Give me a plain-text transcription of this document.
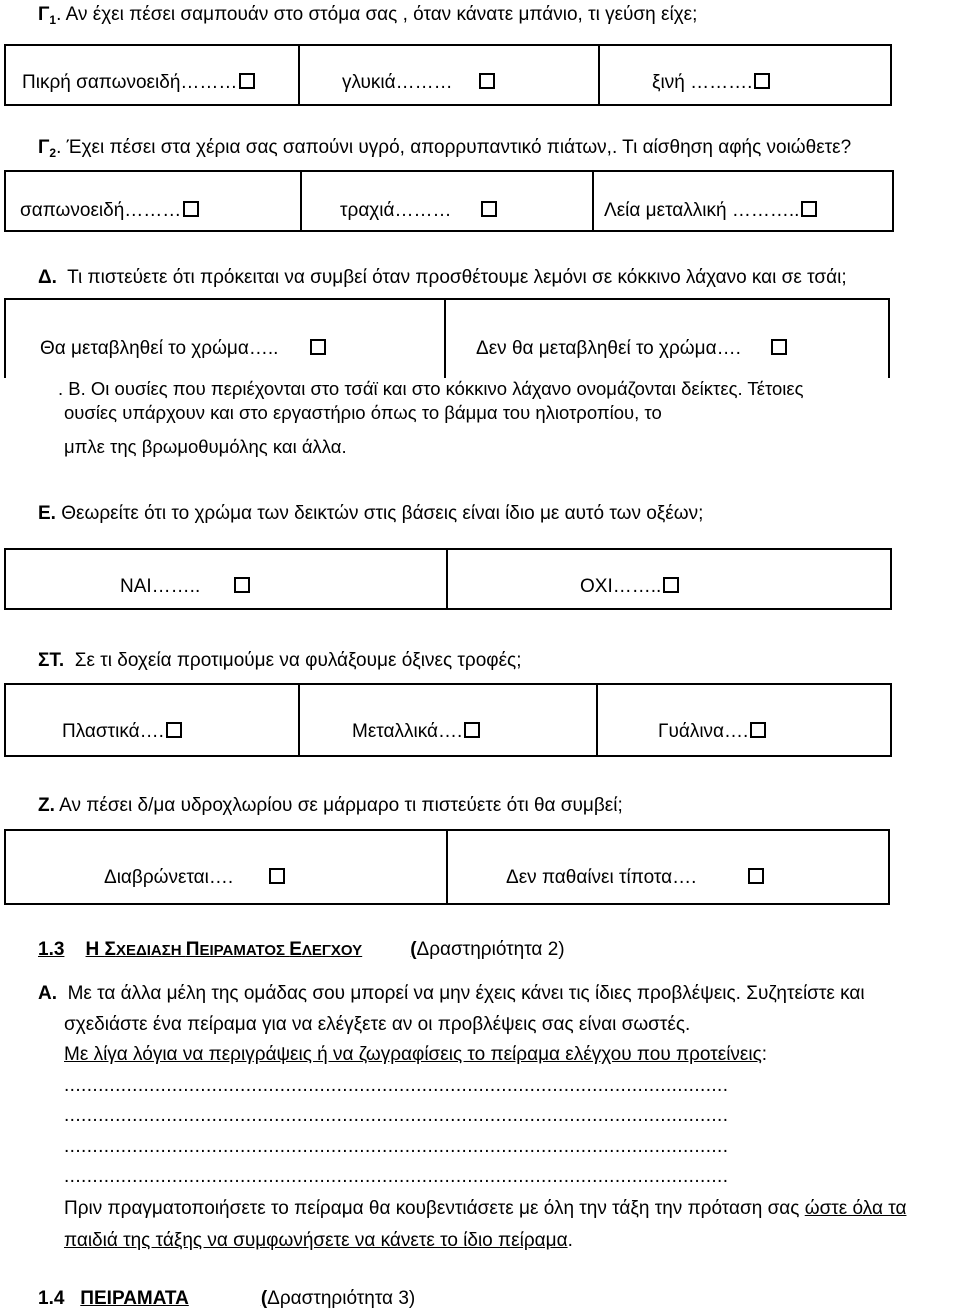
$\Gamma_1$. Αν έχει πέσει σαμπουάν στο στόμα σας , όταν κάνατε μπάνιο, τι γεύση είχε;
Πικρή σαπωνοειδή………	γλυκιά………	ξινή ……….
$\Gamma_2$. Έχει πέσει στα χέρια σας σαπούνι υγρό, απορρυπαντικό πιάτων,. Τι αίσθηση αφής νοιώθετε?
σαπωνοειδή………	τραχιά………	Λεία μεταλλική ………..
Δ. Τι πιστεύετε ότι πρόκειται να συμβεί όταν προσθέτουμε λεμόνι σε κόκκινο λάχανο και σε τσάι;
Θα μεταβληθεί το χρώμα…..	Δεν θα μεταβληθεί το χρώμα….
. Β. Οι ουσίες που περιέχονται στο τσάϊ και στο κόκκινο λάχανο ονομάζονται δείκτες. Τέτοιες
ουσίες υπάρχουν και στο εργαστήριο όπως το βάμμα του ηλιοτροπίου, το
μπλε της βρωμοθυμόλης και άλλα.
Ε. Θεωρείτε ότι το χρώμα των δεικτών στις βάσεις είναι ίδιο με αυτό των οξέων;
ΝΑΙ……..	ΟΧΙ……..
ΣΤ. Σε τι δοχεία προτιμούμε να φυλάξουμε όξινες τροφές;
Πλαστικά….	Μεταλλικά….	Γυάλινα….
Ζ. Αν πέσει δ/μα υδροχλωρίου σε μάρμαρο τι πιστεύετε ότι θα συμβεί;
Διαβρώνεται….	Δεν παθαίνει τίποτα….
1.3 Η ΣΧΕΔΙΑΣΗ ΠΕΙΡΑΜΑΤΟΣ ΕΛΕΓΧΟΥ	(Δραστηριότητα 2)
Α. Με τα άλλα μέλη της ομάδας σου μπορεί να μην έχεις κάνει τις ίδιες προβλέψεις. Συζητείστε και
σχεδιάστε ένα πείραμα για να ελέγξετε αν οι προβλέψεις σας είναι σωστές.
Με λίγα λόγια να περιγράψεις ή να ζωγραφίσεις το πείραμα ελέγχου που προτείνεις:
.....................................................................................................................
.....................................................................................................................
.....................................................................................................................
.....................................................................................................................
Πριν πραγματοποιήσετε το πείραμα θα κουβεντιάσετε με όλη την τάξη την πρόταση σας ώστε όλα τα
παιδιά της τάξης να συμφωνήσετε να κάνετε το ίδιο πείραμα.
1.4 ΠΕΙΡΑΜΑΤΑ	(Δραστηριότητα 3)
